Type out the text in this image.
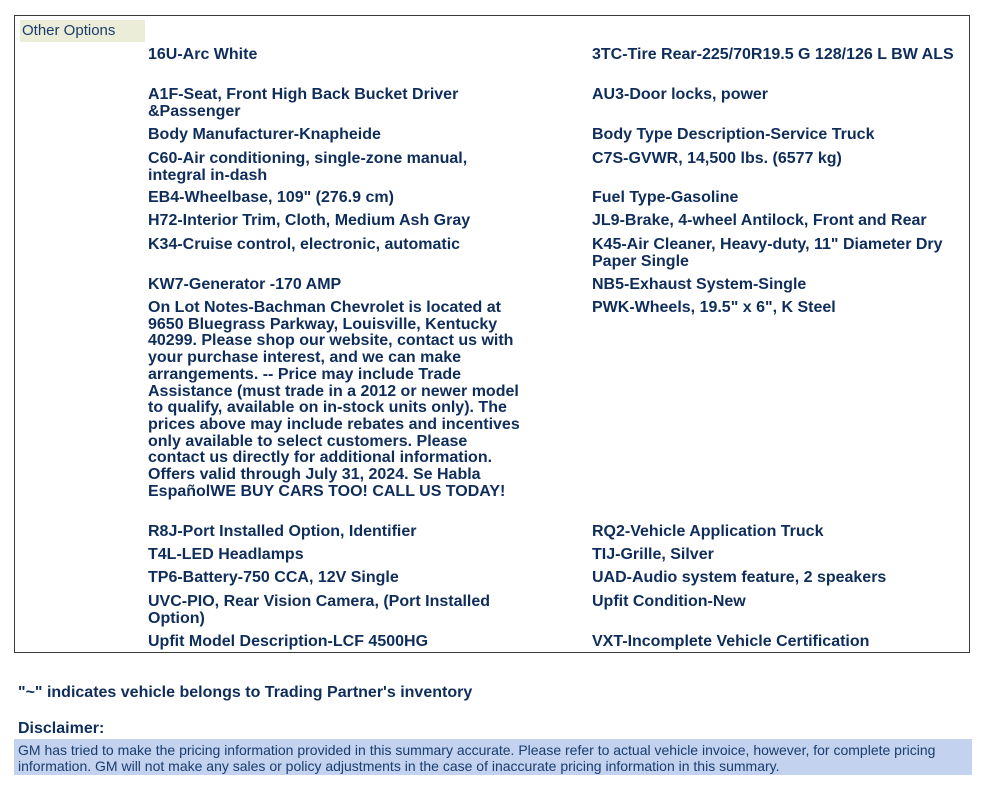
Other Options
16U-Arc White
A1F-Seat, Front High Back Bucket Driver &Passenger
Body Manufacturer-Knapheide
C60-Air conditioning, single-zone manual, integral in-dash
EB4-Wheelbase, 109" (276.9 cm)
H72-Interior Trim, Cloth, Medium Ash Gray
K34-Cruise control, electronic, automatic
KW7-Generator -170 AMP
On Lot Notes-Bachman Chevrolet is located at 9650 Bluegrass Parkway, Louisville, Kentucky 40299. Please shop our website, contact us with your purchase interest, and we can make arrangements. -- Price may include Trade Assistance (must trade in a 2012 or newer model to qualify, available on in-stock units only). The prices above may include rebates and incentives only available to select customers. Please contact us directly for additional information. Offers valid through July 31, 2024. Se Habla EspañolWE BUY CARS TOO! CALL US TODAY!
R8J-Port Installed Option, Identifier
T4L-LED Headlamps
TP6-Battery-750 CCA, 12V Single
UVC-PIO, Rear Vision Camera, (Port Installed Option)
Upfit Model Description-LCF 4500HG
3TC-Tire Rear-225/70R19.5 G 128/126 L BW ALS
AU3-Door locks, power
Body Type Description-Service Truck
C7S-GVWR, 14,500 lbs. (6577 kg)
Fuel Type-Gasoline
JL9-Brake, 4-wheel Antilock, Front and Rear
K45-Air Cleaner, Heavy-duty, 11" Diameter Dry Paper Single
NB5-Exhaust System-Single
PWK-Wheels, 19.5" x 6", K Steel
RQ2-Vehicle Application Truck
TIJ-Grille, Silver
UAD-Audio system feature, 2 speakers
Upfit Condition-New
VXT-Incomplete Vehicle Certification
"~" indicates vehicle belongs to Trading Partner's inventory
Disclaimer:
GM has tried to make the pricing information provided in this summary accurate. Please refer to actual vehicle invoice, however, for complete pricing information. GM will not make any sales or policy adjustments in the case of inaccurate pricing information in this summary.
